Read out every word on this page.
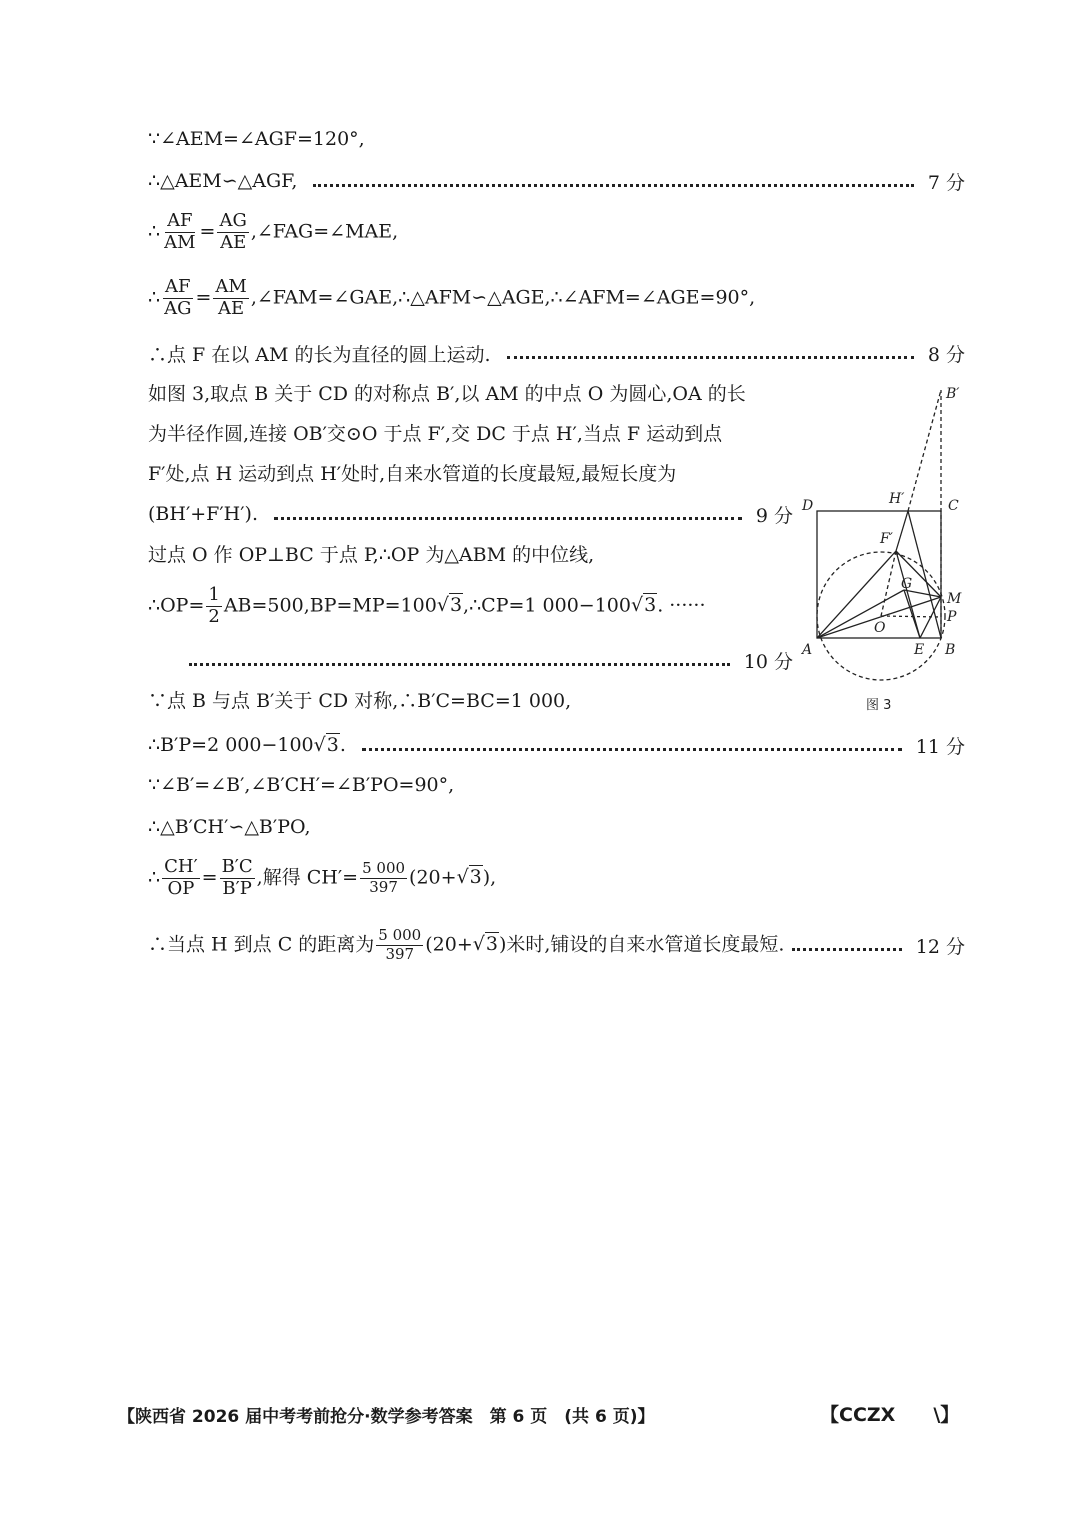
∵∠AEM=∠AGF=120°,
∴△AEM∽△AGF,	7 分
∴ $\frac{AF}{AM} = \frac{AG}{AE}$ ,∠FAG=∠MAE,
∴ $\frac{AF}{AG} = \frac{AM}{AE}$ ,∠FAM=∠GAE,∴△AFM∽△AGE,∴∠AFM=∠AGE=90°,
∴点 F 在以 AM 的长为直径的圆上运动.	8 分
如图 3,取点 B 关于 CD 的对称点 B′,以 AM 的中点 O 为圆心,OA 的长
为半径作圆,连接 OB′交⊙O 于点 F′,交 DC 于点 H′,当点 F 运动到点
F′处,点 H 运动到点 H′处时,自来水管道的长度最短,最短长度为
(BH′+F′H′).	9 分
过点 O 作 OP⊥BC 于点 P,∴OP 为△ABM 的中位线,
∴OP= $\frac{1}{2}$ AB=500,BP=MP=100√3,∴CP=1 000−100√3. ······
10 分
∵点 B 与点 B′关于 CD 对称,∴B′C=BC=1 000,
∴B′P=2 000−100√3.	11 分
∵∠B′=∠B′,∠B′CH′=∠B′PO=90°,
∴△B′CH′∽△B′PO,
∴ $\frac{CH'}{OP} = \frac{B'C}{B'P}$ ,解得 $CH'= \frac{5 000}{397} (20+√3)$,
∴当点 H 到点 C 的距离为 $\frac{5 000}{397} (20+√3)$米时,铺设的自来水管道长度最短.	12 分
B′
D	H′	C
F′
G
M
P
O
A	E B
图 3
【陕西省 2026 届中考考前抢分·数学参考答案　第 6 页　(共 6 页)】	【CCZX　　\】
